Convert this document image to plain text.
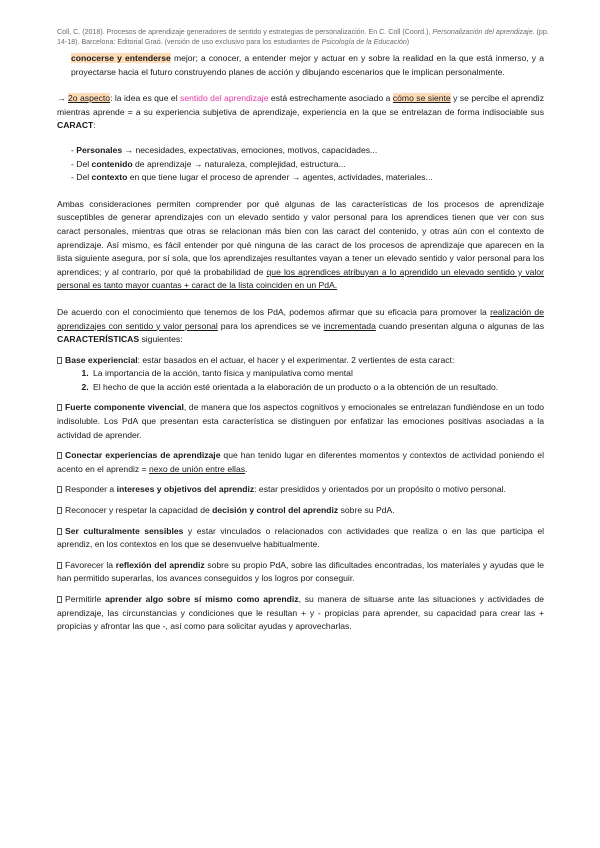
Coll, C. (2018). Procesos de aprendizaje generadores de sentido y estrategias de personalización. En C. Coll (Coord.), Personalización del aprendizaje. (pp. 14-18). Barcelona: Editorial Graó. (versión de uso exclusivo para los estudiantes de Psicología de la Educación)

conocerse y entenderse mejor; a conocer, a entender mejor y actuar en y sobre la realidad en la que está inmerso, y a proyectarse hacia el futuro construyendo planes de acción y dibujando escenarios que le implican personalmente.

→ 2o aspecto: la idea es que el sentido del aprendizaje está estrechamente asociado a cómo se siente y se percibe el aprendiz mientras aprende = a su experiencia subjetiva de aprendizaje, experiencia en la que se entrelazan de forma indisociable sus CARACT:

- Personales → necesidades, expectativas, emociones, motivos, capacidades...
- Del contenido de aprendizaje → naturaleza, complejidad, estructura...
- Del contexto en que tiene lugar el proceso de aprender → agentes, actividades, materiales...

Ambas consideraciones permiten comprender por qué algunas de las características de los procesos de aprendizaje susceptibles de generar aprendizajes con un elevado sentido y valor personal para los aprendices tienen que ver con sus caract personales, mientras que otras se relacionan más bien con las caract del contenido, y otras aún con el contexto de aprendizaje. Así mismo, es fácil entender por qué ninguna de las caract de los procesos de aprendizaje que aparecen en la lista siguiente asegura, por sí sola, que los aprendizajes resultantes vayan a tener un elevado sentido y valor personal para los aprendices; y al contrario, por qué la probabilidad de que los aprendices atribuyan a lo aprendido un elevado sentido y valor personal es tanto mayor cuantas + caract de la lista coinciden en un PdA.

De acuerdo con el conocimiento que tenemos de los PdA, podemos afirmar que su eficacia para promover la realización de aprendizajes con sentido y valor personal para los aprendices se ve incrementada cuando presentan alguna o algunas de las CARACTERÍSTICAS siguientes:

Base experiencial: estar basados en el actuar, el hacer y el experimentar. 2 vertientes de esta caract:

1. La importancia de la acción, tanto física y manipulativa como mental
2. El hecho de que la acción esté orientada a la elaboración de un producto o a la obtención de un resultado.

Fuerte componente vivencial, de manera que los aspectos cognitivos y emocionales se entrelazan fundiéndose en un todo indisoluble. Los PdA que presentan esta característica se distinguen por enfatizar las emociones positivas asociadas a la actividad de aprender.

Conectar experiencias de aprendizaje que han tenido lugar en diferentes momentos y contextos de actividad poniendo el acento en el aprendiz = nexo de unión entre ellas.

Responder a intereses y objetivos del aprendiz: estar presididos y orientados por un propósito o motivo personal.

Reconocer y respetar la capacidad de decisión y control del aprendiz sobre su PdA.

Ser culturalmente sensibles y estar vinculados o relacionados con actividades que realiza o en las que participa el aprendiz, en los contextos en los que se desenvuelve habitualmente.

Favorecer la reflexión del aprendiz sobre su propio PdA, sobre las dificultades encontradas, los materiales y ayudas que le han permitido superarlas, los avances conseguidos y los logros por conseguir.

Permitirle aprender algo sobre sí mismo como aprendiz, su manera de situarse ante las situaciones y actividades de aprendizaje, las circunstancias y condiciones que le resultan + y - propicias para aprender, su capacidad para crear las + propicias y afrontar las que -, así como para solicitar ayudas y aprovecharlas.
